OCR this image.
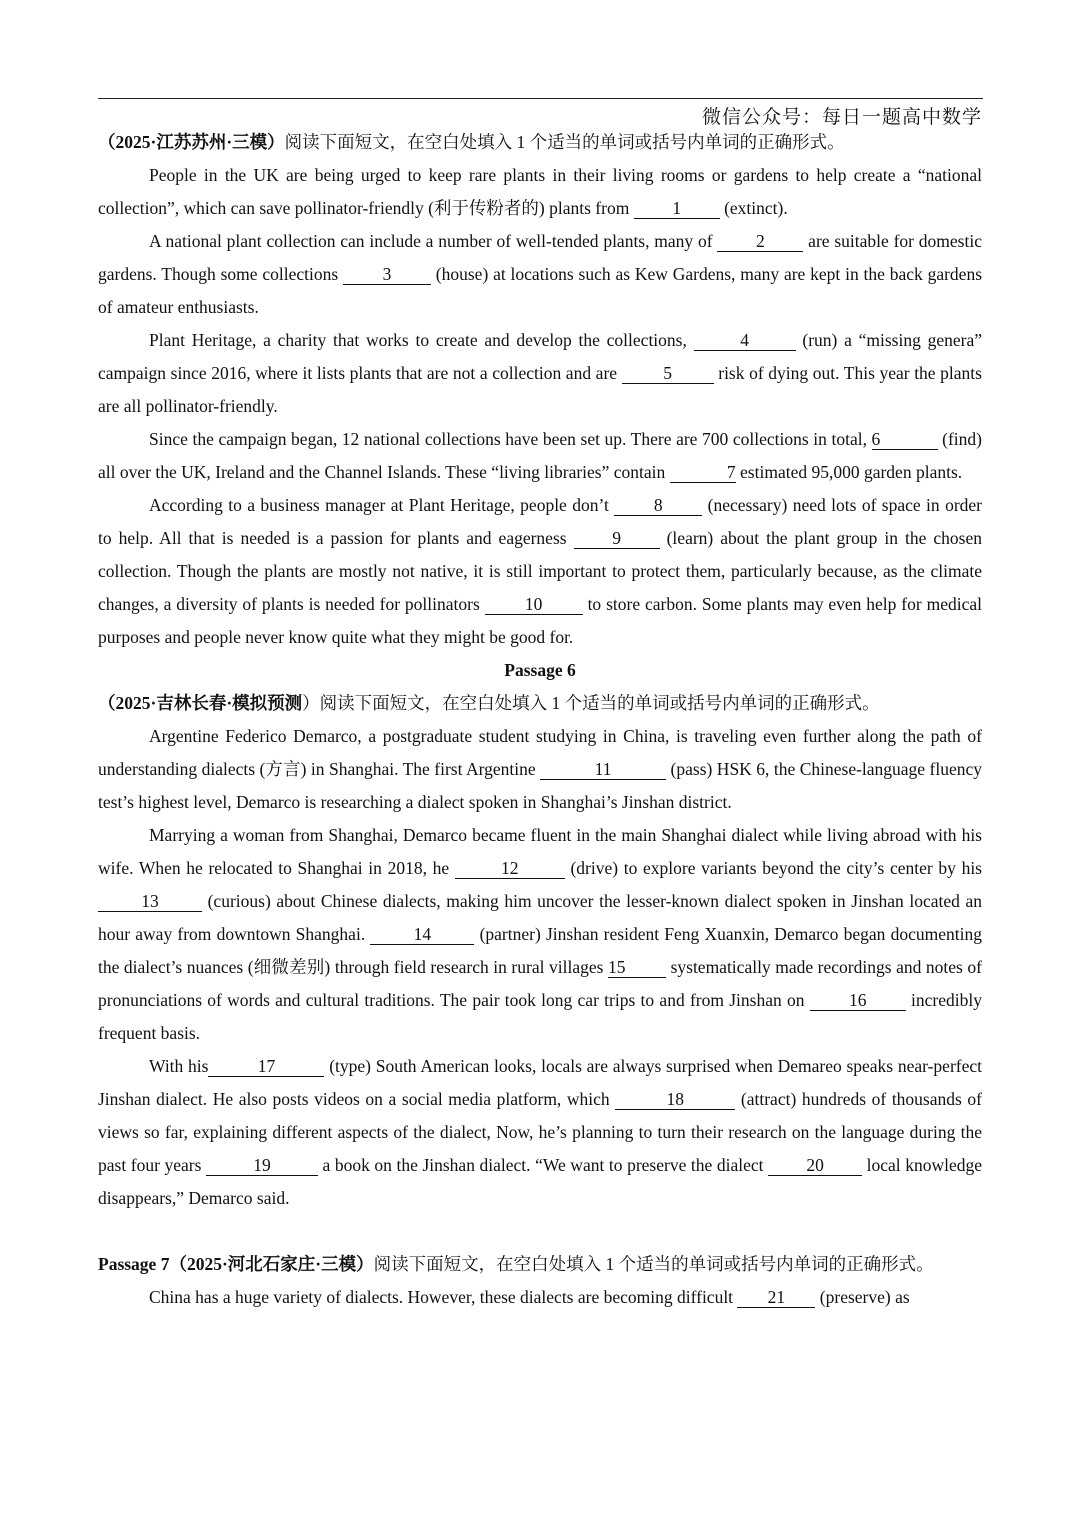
微信公众号：每日一题高中数学

（2025·江苏苏州·三模）阅读下面短文，在空白处填入 1 个适当的单词或括号内单词的正确形式。

People in the UK are being urged to keep rare plants in their living rooms or gardens to help create a “national collection”, which can save pollinator-friendly (利于传粉者的) plants from 1 (extinct).

A national plant collection can include a number of well-tended plants, many of 2 are suitable for domestic gardens. Though some collections 3 (house) at locations such as Kew Gardens, many are kept in the back gardens of amateur enthusiasts.

Plant Heritage, a charity that works to create and develop the collections,	4	(run) a “missing genera” campaign since 2016, where it lists plants that are not a collection and are 5 risk of dying out. This year the plants are all pollinator-friendly.

Since the campaign began, 12 national collections have been set up. There are 700 collections in total, 6	(find) all over the UK, Ireland and the Channel Islands. These “living libraries” contain	7 estimated 95,000 garden plants.

According to a business manager at Plant Heritage, people don’t 8 (necessary) need lots of space in order to help. All that is needed is a passion for plants and eagerness 9 (learn) about the plant group in the chosen collection. Though the plants are mostly not native, it is still important to protect them, particularly because, as the climate changes, a diversity of plants is needed for pollinators 10 to store carbon. Some plants may even help for medical purposes and people never know quite what they might be good for.

Passage 6

（2025·吉林长春·模拟预测）阅读下面短文，在空白处填入 1 个适当的单词或括号内单词的正确形式。

Argentine Federico Demarco, a postgraduate student studying in China, is traveling even further along the path of understanding dialects (方言) in Shanghai. The first Argentine	11	(pass) HSK 6, the Chinese-language fluency test’s highest level, Demarco is researching a dialect spoken in Shanghai’s Jinshan district.

Marrying a woman from Shanghai, Demarco became fluent in the main Shanghai dialect while living abroad with his wife. When he relocated to Shanghai in 2018, he	12	(drive) to explore variants beyond the city’s center by his 13 (curious) about Chinese dialects, making him uncover the lesser-known dialect spoken in Jinshan located an hour away from downtown Shanghai. 14 (partner) Jinshan resident Feng Xuanxin, Demarco began documenting the dialect’s nuances (细微差别) through field research in rural villages 15 systematically made recordings and notes of pronunciations of words and cultural traditions. The pair took long car trips to and from Jinshan on 16 incredibly frequent basis.

With his	17	(type) South American looks, locals are always surprised when Demareo speaks near-perfect Jinshan dialect. He also posts videos on a social media platform, which	18	(attract) hundreds of thousands of views so far, explaining different aspects of the dialect, Now, he’s planning to turn their research on the language during the past four years	19	a book on the Jinshan dialect. “We want to preserve the dialect 20 local knowledge disappears,” Demarco said.

Passage 7（2025·河北石家庄·三模）阅读下面短文，在空白处填入 1 个适当的单词或括号内单词的正确形式。

China has a huge variety of dialects. However, these dialects are becoming difficult 21 (preserve) as
